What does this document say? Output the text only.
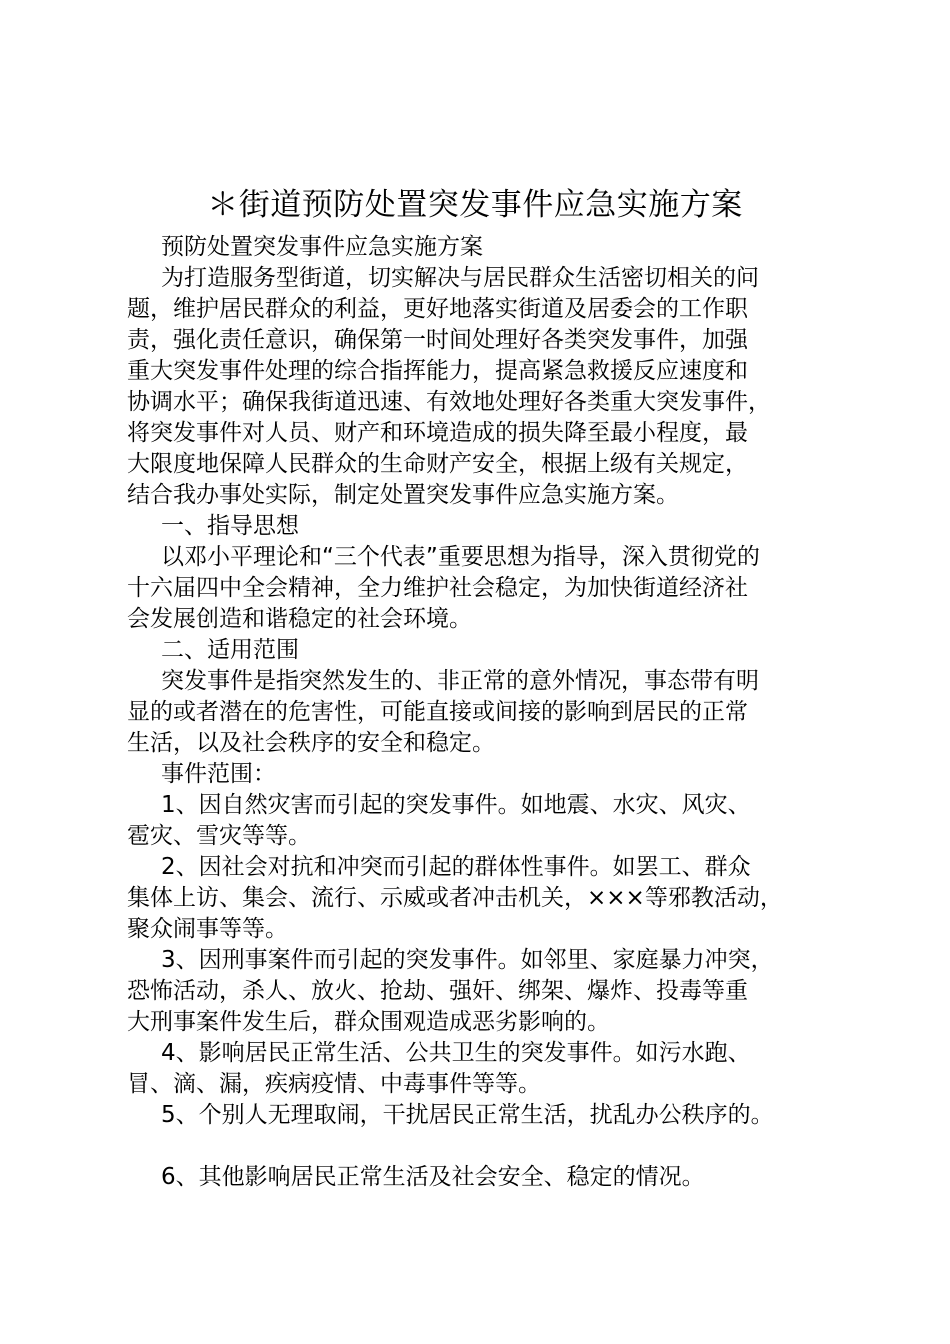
＊街道预防处置突发事件应急实施方案
预防处置突发事件应急实施方案
为打造服务型街道，切实解决与居民群众生活密切相关的问
题，维护居民群众的利益，更好地落实街道及居委会的工作职
责，强化责任意识，确保第一时间处理好各类突发事件，加强
重大突发事件处理的综合指挥能力，提高紧急救援反应速度和
协调水平；确保我街道迅速、有效地处理好各类重大突发事件，
将突发事件对人员、财产和环境造成的损失降至最小程度，最
大限度地保障人民群众的生命财产安全，根据上级有关规定，
结合我办事处实际，制定处置突发事件应急实施方案。
一、指导思想
以邓小平理论和“三个代表”重要思想为指导，深入贯彻党的
十六届四中全会精神，全力维护社会稳定，为加快街道经济社
会发展创造和谐稳定的社会环境。
二、适用范围
突发事件是指突然发生的、非正常的意外情况，事态带有明
显的或者潜在的危害性，可能直接或间接的影响到居民的正常
生活，以及社会秩序的安全和稳定。
事件范围：
1、因自然灾害而引起的突发事件。如地震、水灾、风灾、
雹灾、雪灾等等。
2、因社会对抗和冲突而引起的群体性事件。如罢工、群众
集体上访、集会、流行、示威或者冲击机关，×××等邪教活动，
聚众闹事等等。
3、因刑事案件而引起的突发事件。如邻里、家庭暴力冲突，
恐怖活动，杀人、放火、抢劫、强奸、绑架、爆炸、投毒等重
大刑事案件发生后，群众围观造成恶劣影响的。
4、影响居民正常生活、公共卫生的突发事件。如污水跑、
冒、滴、漏，疾病疫情、中毒事件等等。
5、个别人无理取闹，干扰居民正常生活，扰乱办公秩序的。
6、其他影响居民正常生活及社会安全、稳定的情况。
